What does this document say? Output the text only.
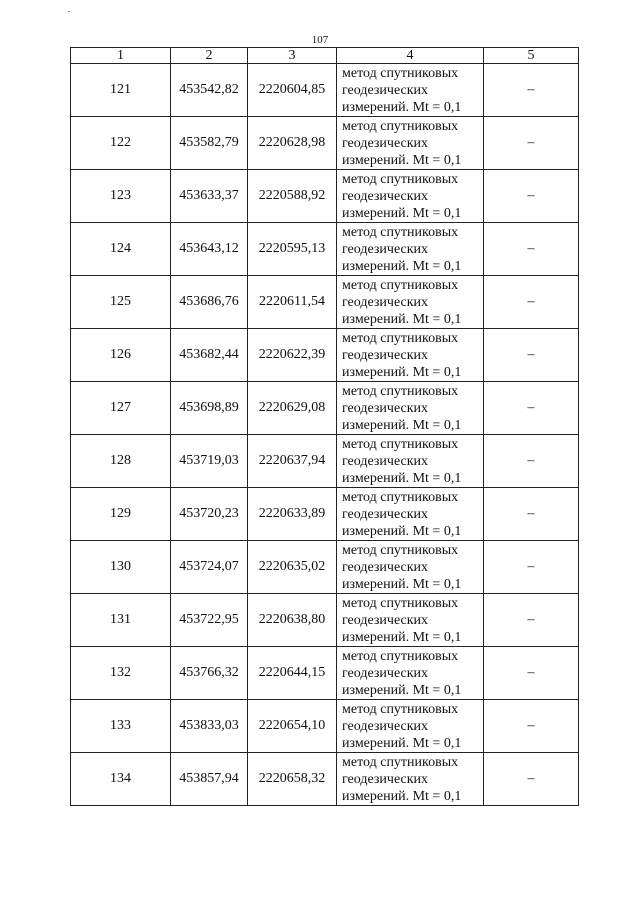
107
1	2	3	4	5
121	453542,82	2220604,85	метод спутниковых
геодезических
измерений. Mt = 0,1	–
122	453582,79	2220628,98	метод спутниковых
геодезических
измерений. Mt = 0,1	–
123	453633,37	2220588,92	метод спутниковых
геодезических
измерений. Mt = 0,1	–
124	453643,12	2220595,13	метод спутниковых
геодезических
измерений. Mt = 0,1	–
125	453686,76	2220611,54	метод спутниковых
геодезических
измерений. Mt = 0,1	–
126	453682,44	2220622,39	метод спутниковых
геодезических
измерений. Mt = 0,1	–
127	453698,89	2220629,08	метод спутниковых
геодезических
измерений. Mt = 0,1	–
128	453719,03	2220637,94	метод спутниковых
геодезических
измерений. Mt = 0,1	–
129	453720,23	2220633,89	метод спутниковых
геодезических
измерений. Mt = 0,1	–
130	453724,07	2220635,02	метод спутниковых
геодезических
измерений. Mt = 0,1	–
131	453722,95	2220638,80	метод спутниковых
геодезических
измерений. Mt = 0,1	–
132	453766,32	2220644,15	метод спутниковых
геодезических
измерений. Mt = 0,1	–
133	453833,03	2220654,10	метод спутниковых
геодезических
измерений. Mt = 0,1	–
134	453857,94	2220658,32	метод спутниковых
геодезических
измерений. Mt = 0,1	–
